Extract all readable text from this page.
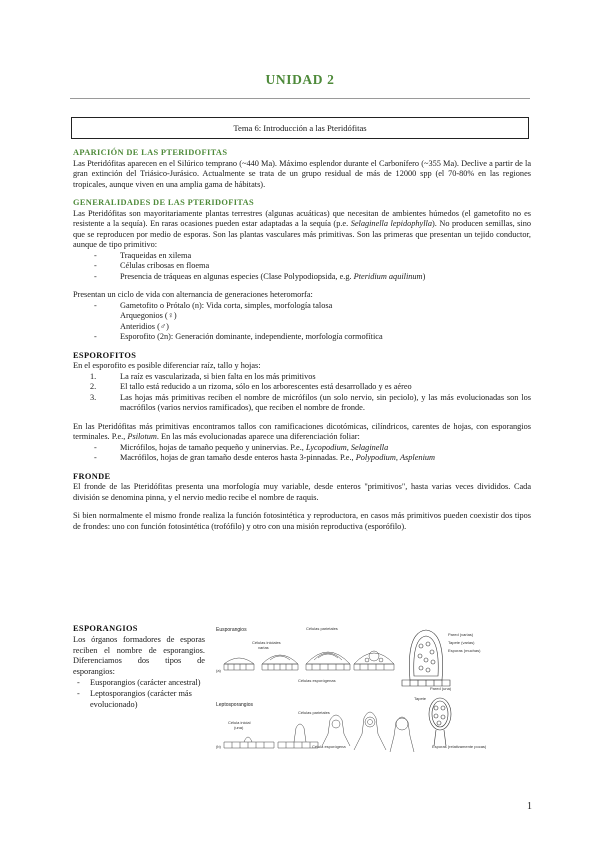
UNIDAD 2
Tema 6: Introducción a las Pteridófitas
APARICIÓN DE LAS PTERIDOFITAS

Las Pteridófitas aparecen en el Silúrico temprano (~440 Ma). Máximo esplendor durante el Carbonífero (~355 Ma). Declive a partir de la gran extinción del Triásico-Jurásico. Actualmente se trata de un grupo residual de más de 12000 spp (el 70-80% en las regiones tropicales, aunque viven en una amplia gama de hábitats).

GENERALIDADES DE LAS PTERIDOFITAS

Las Pteridófitas son mayoritariamente plantas terrestres (algunas acuáticas) que necesitan de ambientes húmedos (el gametofito no es resistente a la sequía). En raras ocasiones pueden estar adaptadas a la sequía (p.e. Selaginella lepidophylla). No producen semillas, sino que se reproducen por medio de esporas. Son las plantas vasculares más primitivas. Son las primeras que presentan un tejido conductor, aunque de tipo primitivo:

- Traqueidas en xilema
- Células cribosas en floema
- Presencia de tráqueas en algunas especies (Clase Polypodiopsida, e.g. Pteridium aquilinum)

Presentan un ciclo de vida con alternancia de generaciones heteromorfa:

- Gametofito o Prótalo (n): Vida corta, simples, morfología talosa
Arquegonios (♀)
Anteridios (♂)
- Esporofito (2n): Generación dominante, independiente, morfología cormofítica
ESPOROFITOS

En el esporofito es posible diferenciar raíz, tallo y hojas:

1.	La raíz es vascularizada, si bien falta en los más primitivos
2.	El tallo está reducido a un rizoma, sólo en los arborescentes está desarrollado y es aéreo
3.	Las hojas más primitivas reciben el nombre de micrófilos (un solo nervio, sin peciolo), y las más evolucionadas son los macrófilos (varios nervios ramificados), que reciben el nombre de fronde.

En las Pteridófitas más primitivas encontramos tallos con ramificaciones dicotómicas, cilíndricos, carentes de hojas, con esporangios terminales. P.e., Psilotum. En las más evolucionadas aparece una diferenciación foliar:

- Micrófilos, hojas de tamaño pequeño y uninervias. P.e., Lycopodium, Selaginella
- Macrófilos, hojas de gran tamaño desde enteros hasta 3-pinnadas. P.e., Polypodium, Asplenium
FRONDE

El fronde de las Pteridófitas presenta una morfología muy variable, desde enteros "primitivos", hasta varias veces divididos. Cada división se denomina pinna, y el nervio medio recibe el nombre de raquis.

Si bien normalmente el mismo fronde realiza la función fotosintética y reproductora, en casos más primitivos pueden coexistir dos tipos de frondes: uno con función fotosintética (trofófilo) y otro con una misión reproductiva (esporófilo).

ESPORANGIOS

Los órganos formadores de esporas reciben el nombre de esporangios. Diferenciamos dos tipos de esporangios:

- Eusporangios (carácter ancestral)
- Leptosporangios (carácter más evolucionado)
Eusporangios	Células parietales
Células iniciales
varias
(a)
Células esporógenas
Pared (varias)
Tapete (varias)
Esporas (muchas)
Leptosporangios
(b)
Célula inicial
(una)
Células parietales
Célula esporógena
Pared (una)
Tapete
Esporas (relativamente pocas)
1
